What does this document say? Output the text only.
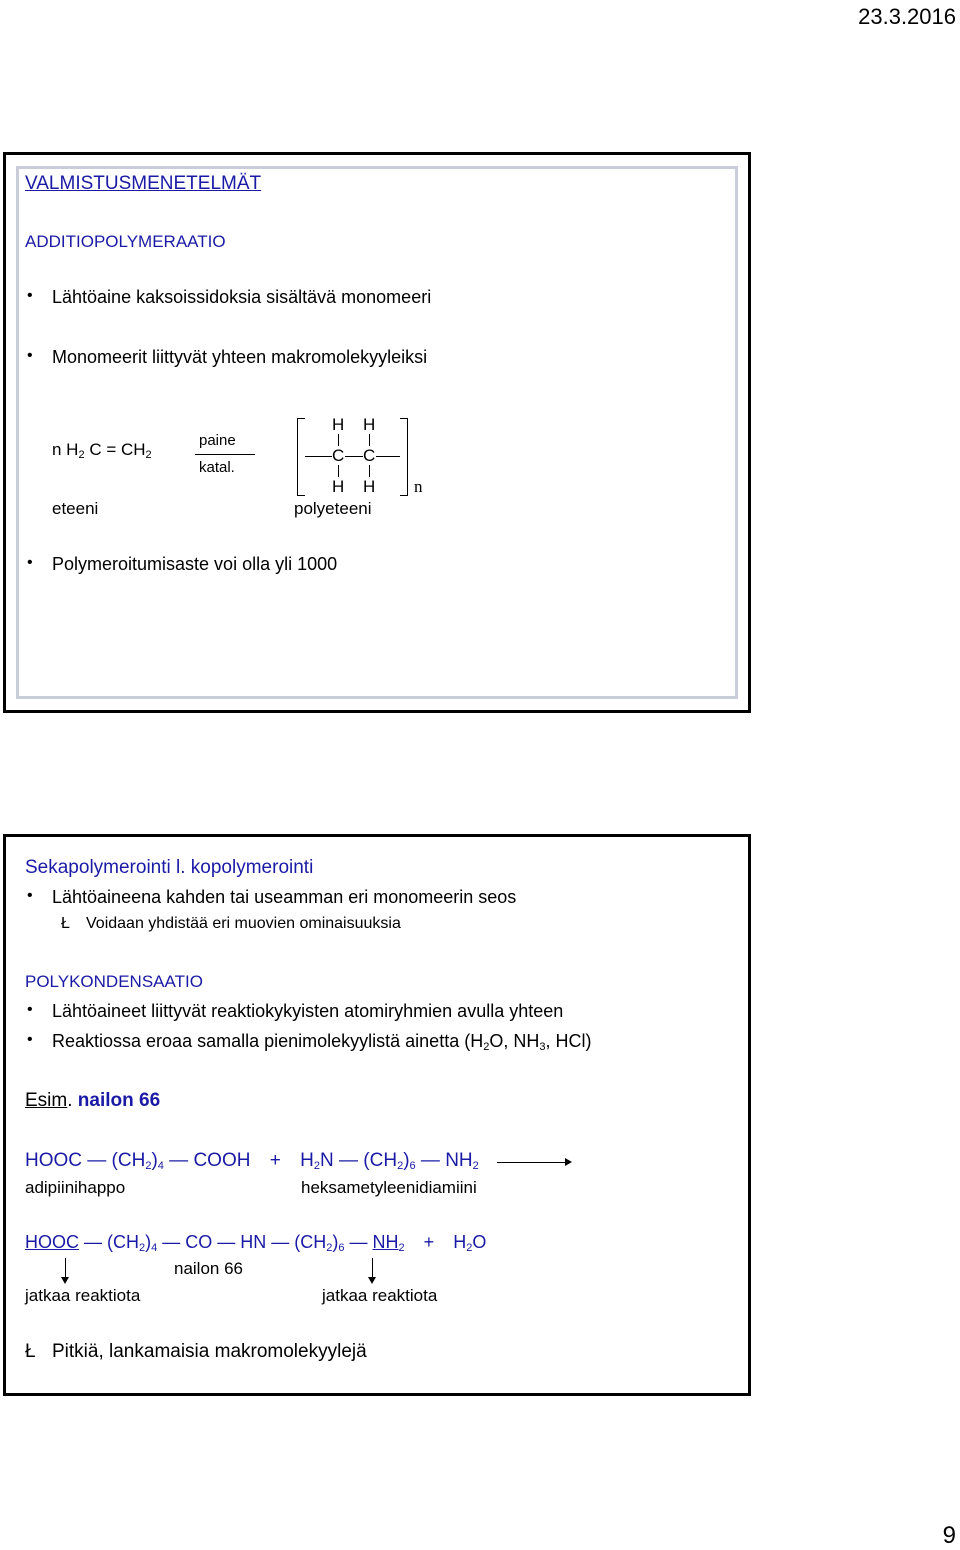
23.3.2016
VALMISTUSMENETELMÄT
ADDITIOPOLYMERAATIO
• Lähtöaine kaksoissidoksia sisältävä monomeeri
• Monomeerit liittyvät yhteen makromolekyyleiksi
n $H_2$ $C = CH_2$
paine
katal.
H H
C C
H H n
eteeni	polyeteeni
• Polymeroitumisaste voi olla yli 1000
Sekapolymerointi l. kopolymerointi
• Lähtöaineena kahden tai useamman eri monomeerin seos
Ł Voidaan yhdistää eri muovien ominaisuuksia
POLYKONDENSAATIO
• Lähtöaineet liittyvät reaktiokykyisten atomiryhmien avulla yhteen
• Reaktiossa eroaa samalla pienimolekyylistä ainetta ($H_2O$, $NH_3$, HCl)
Esim. nailon 66
HOOC — $(CH_2)_4$ — COOH + $H_2N$ — $(CH_2)_6$ — $NH_2$
adipiinihappo	heksametyleenidiamiini
HOOC — $(CH_2)_4$ — CO — HN — $(CH_2)_6$ — $NH_2 + H_2O$
nailon 66
jatkaa reaktiota	jatkaa reaktiota
Ł Pitkiä, lankamaisia makromolekyylejä
9
